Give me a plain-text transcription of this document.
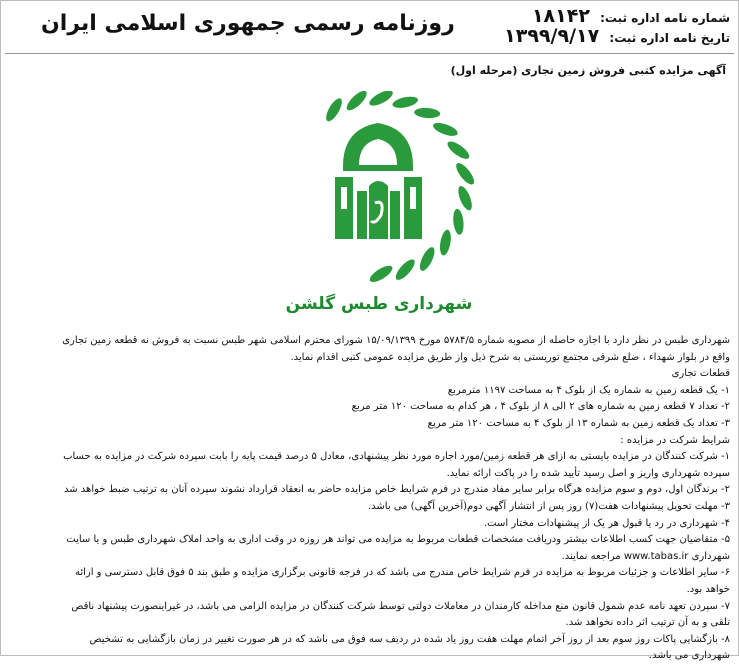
روزنامه رسمی جمهوری اسلامی ایران	شماره نامه اداره ثبت: ۱۸۱۴۲
تاریخ نامه اداره ثبت: ۱۳۹۹/۹/۱۷
آگهی مزایده کتبی فروش زمین تجاری (مرحله اول)
شهرداری طبس گلشن

شهرداری طبس در نظر دارد با اجازه حاصله از مصوبه شماره ۵۷۸۴/۵ مورخ ۱۵/۰۹/۱۳۹۹ شورای محترم اسلامی شهر طبس نسبت به فروش نه قطعه زمین تجاری

واقع در بلوار شهداء ، ضلع شرقی مجتمع توریستی به شرح ذیل واز طریق مزایده عمومی کتبی اقدام نماید.

قطعات تجاری

۱- یک قطعه زمین به شماره یک از بلوک ۴ به مساحت ۱۱۹۷ مترمربع

۲- تعداد ۷ قطعه زمین به شماره های ۲ الی ۸ از بلوک ۴ ، هر کدام به مساحت ۱۲۰ متر مربع

۳- تعداد یک قطعه زمین به شماره ۱۳ از بلوک ۴ به مساحت ۱۲۰ متر مربع

شرایط شرکت در مزایده :

۱- شرکت کنندگان در مزایده بایستی به ازای هر قطعه زمین/مورد اجاره مورد نظر پیشنهادی، معادل ۵ درصد قیمت پایه را بابت سپرده شرکت در مزایده به حساب

سپرده شهرداری واریز و اصل رسید تأیید شده را در پاکت ارائه نماید.

۲- برندگان اول، دوم و سوم مزایده هرگاه برابر سایر مفاد مندرج در فرم شرایط خاص مزایده حاضر به انعقاد قرارداد نشوند سپرده آنان به ترتیب ضبط خواهد شد

۳- مهلت تحویل پیشنهادات هفت(۷) روز پس از انتشار آگهی دوم(آخرین آگهی) می باشد.

۴- شهرداری در رد یا قبول هر یک از پیشنهادات مختار است.

۵- متقاضیان جهت کسب اطلاعات بیشتر ودریافت مشخصات قطعات مربوط به مزایده می تواند هر روزه در وقت اداری به واحد املاک شهرداری طبس و یا سایت

شهرداری www.tabas.ir مراجعه نمایند.

۶- سایر اطلاعات و جزئیات مربوط به مزایده در فرم شرایط خاص مندرج می باشد که در فرجه قانونی برگزاری مزایده و طبق بند ۵ فوق قابل دسترسی و ارائه

خواهد بود.

۷- سپردن تعهد نامه عدم شمول قانون منع مداخله کارمندان در معاملات دولتی توسط شرکت کنندگان در مزایده الزامی می باشد، در غیراینصورت پیشنهاد ناقص

تلقی و به آن ترتیب اثر داده نخواهد شد.

۸- بازگشایی پاکات روز سوم بعد از روز آخر اتمام مهلت هفت روز یاد شده در ردیف سه فوق می باشد که در هر صورت تغییر در زمان بازگشایی به تشخیص

شهرداری می باشد.
